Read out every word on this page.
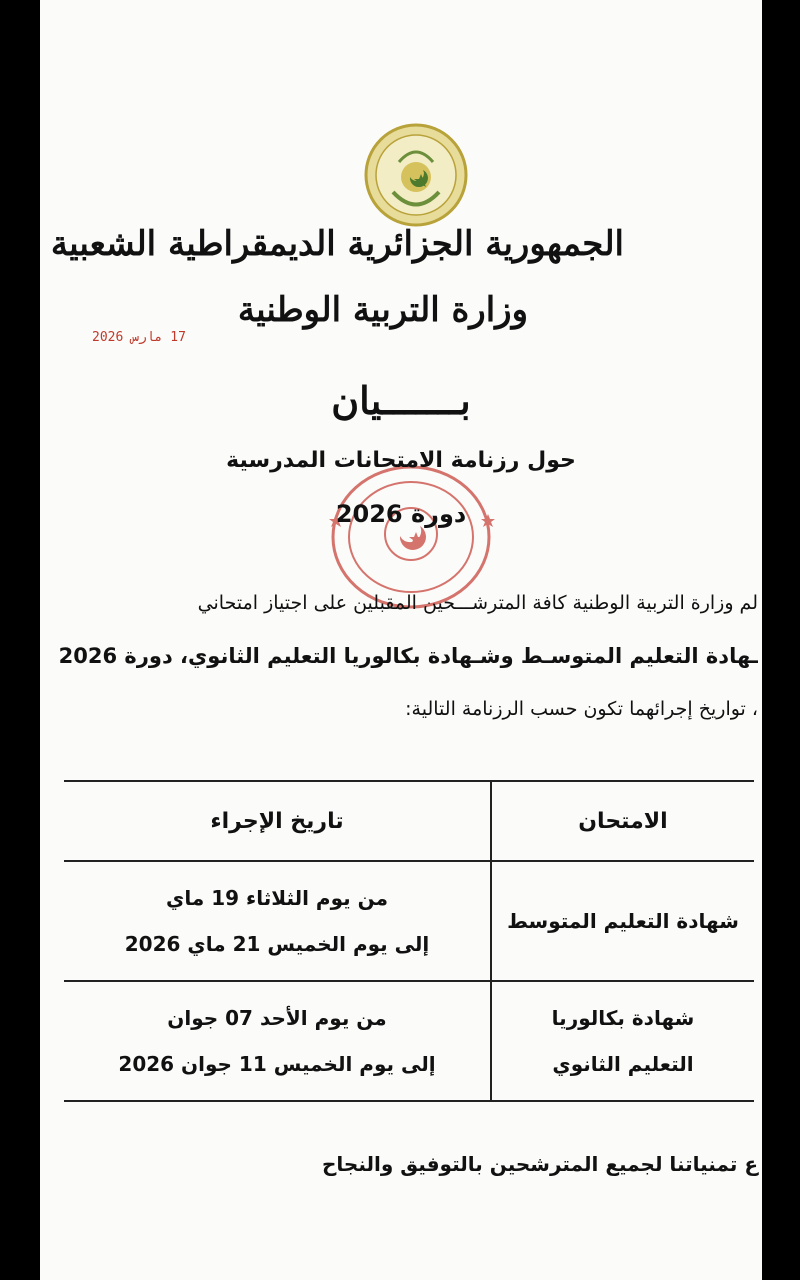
الجمهورية الجزائرية الديمقراطية الشعبية
وزارة التربية الوطنية
17 مارس 2026
بـــــــيان
حول رزنامة الامتحانات المدرسية
دورة 2026
لم وزارة التربية الوطنية كافة المترشـــحين المقبلين على اجتياز امتحاني
ـهادة التعليم المتوسـط وشـهادة بكالوريا التعليم الثانوي، دورة 2026
، تواريخ إجرائهما تكون حسب الرزنامة التالية:
الامتحان	تاريخ الإجراء

شهادة التعليم المتوسط	من يوم الثلاثاء 19 ماي
إلى يوم الخميس 21 ماي 2026

شهادة بكالوريا
التعليم الثانوي	من يوم الأحد 07 جوان
إلى يوم الخميس 11 جوان 2026
ع تمنياتنا لجميع المترشحين بالتوفيق والنجاح
